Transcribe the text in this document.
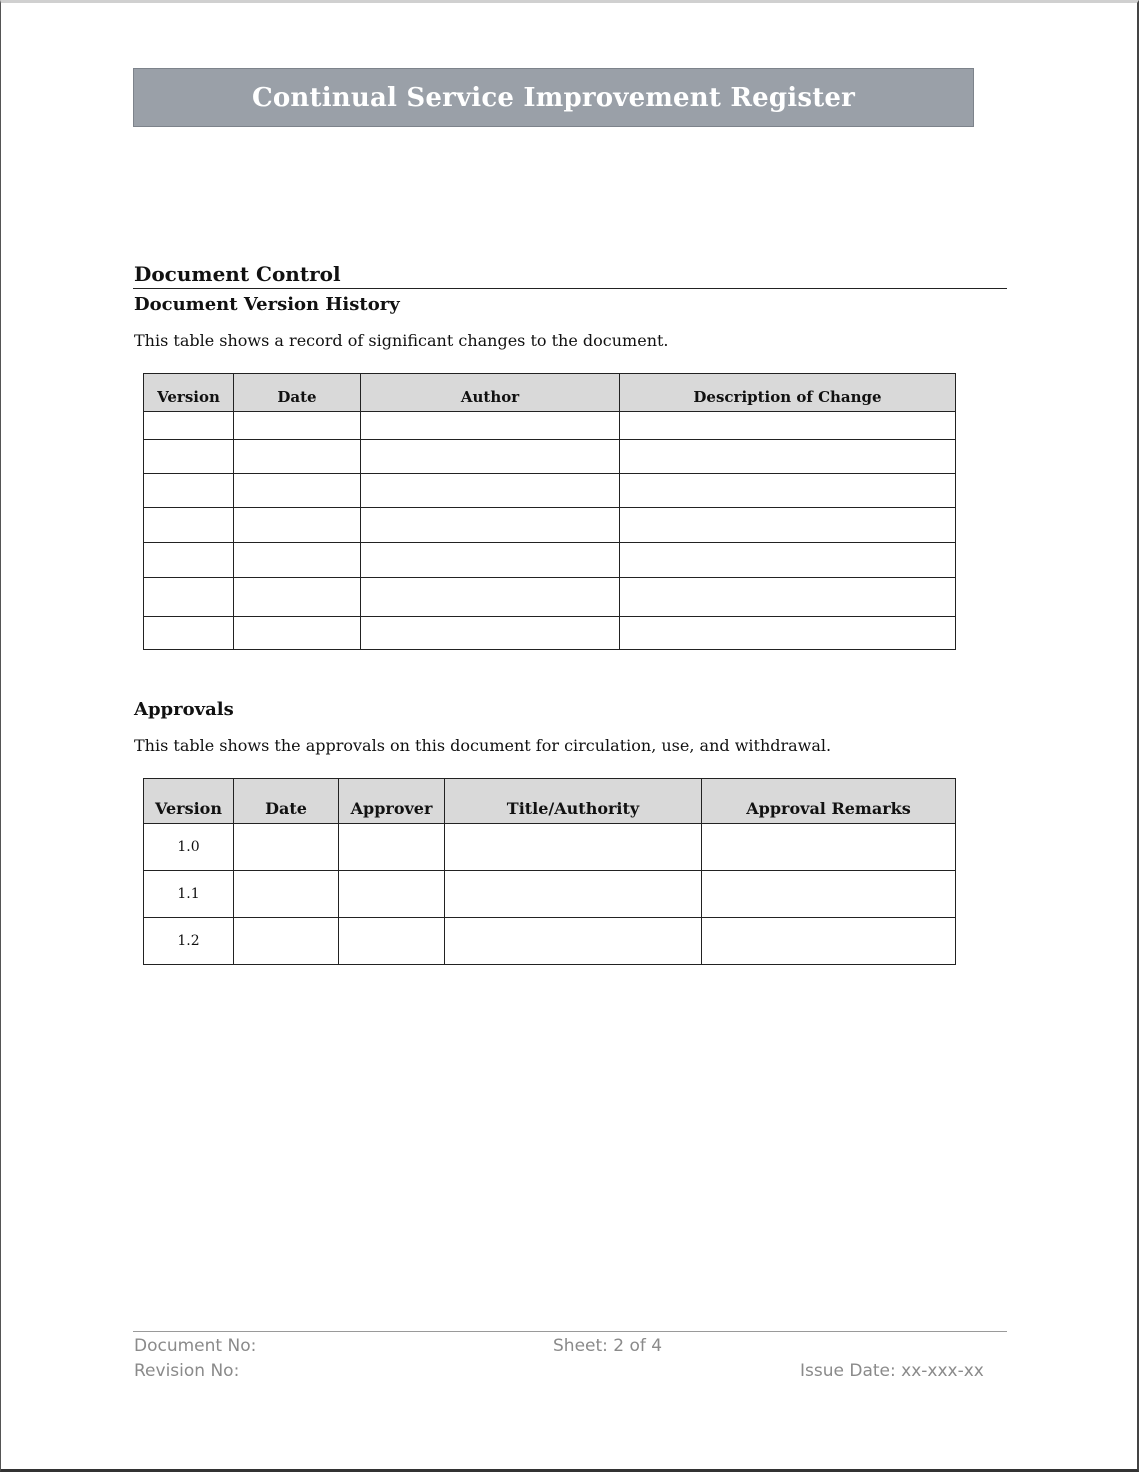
Continual Service Improvement Register
Document Control
Document Version History

This table shows a record of significant changes to the document.

Version	Date	Author	Description of Change

Approvals

This table shows the approvals on this document for circulation, use, and withdrawal.

Version	Date	Approver	Title/Authority	Approval Remarks
1.0				
1.1				
1.2				

Document No:

Revision No:

Sheet: 2 of 4

Issue Date: xx-xxx-xx
